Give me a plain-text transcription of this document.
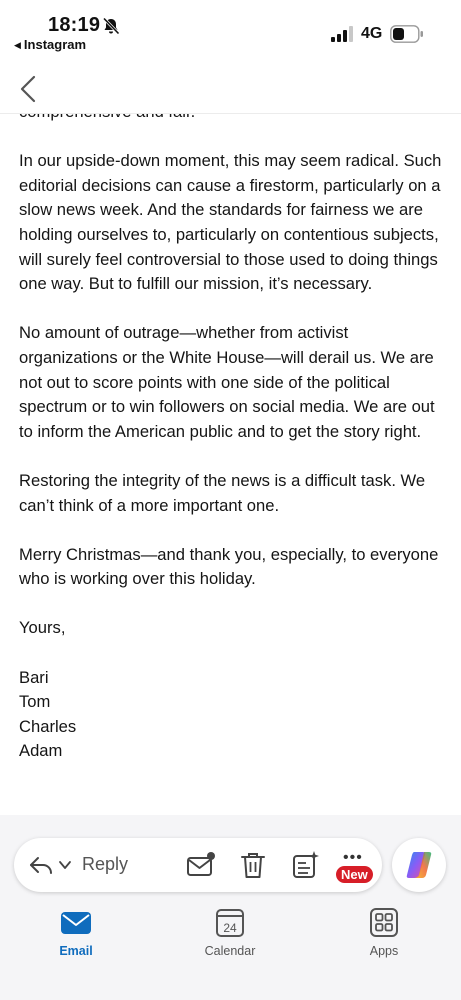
18:19
◀ Instagram
4G

In our upside-down moment, this may seem radical. Such editorial decisions can cause a firestorm, particularly on a slow news week. And the standards for fairness we are holding ourselves to, particularly on contentious subjects, will surely feel controversial to those used to doing things one way. But to fulfill our mission, it’s necessary.

No amount of outrage—whether from activist organizations or the White House—will derail us. We are not out to score points with one side of the political spectrum or to win followers on social media. We are out to inform the American public and to get the story right.

Restoring the integrity of the news is a difficult task. We can’t think of a more important one.

Merry Christmas—and thank you, especially, to everyone who is working over this holiday.

Yours,

Bari
Tom
Charles
Adam
Reply	•••
New
Email
24
Calendar	Apps
